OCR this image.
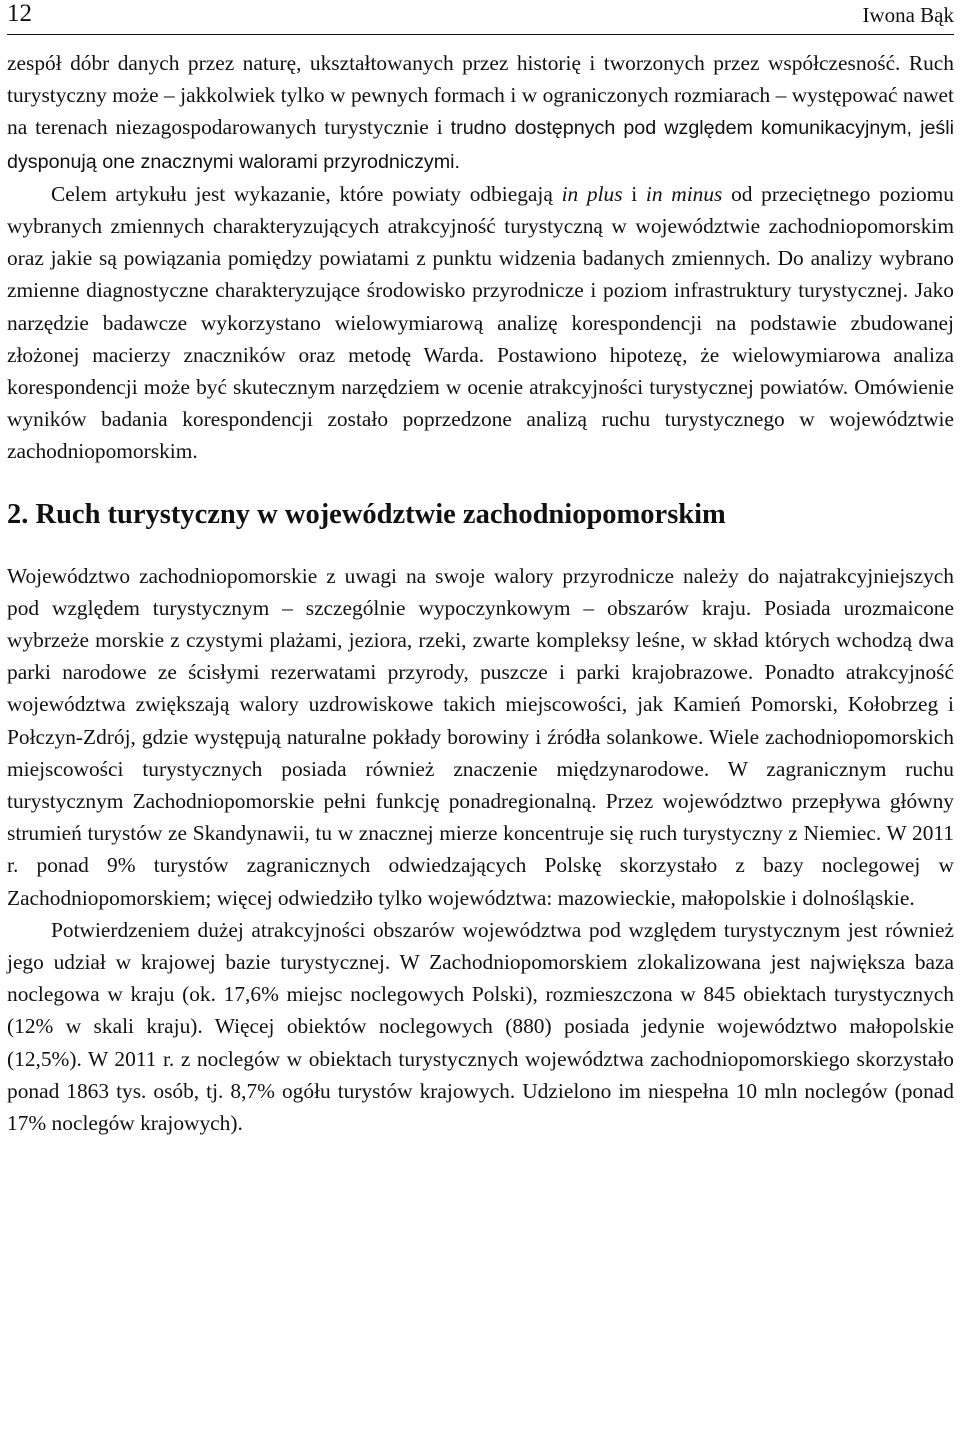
12	Iwona Bąk

zespół dóbr danych przez naturę, ukształtowanych przez historię i tworzonych przez współczesność. Ruch turystyczny może – jakkolwiek tylko w pewnych formach i w ograniczonych rozmiarach – występować nawet na terenach niezagospodarowanych turystycznie i trudno dostępnych pod względem komunikacyjnym, jeśli dysponują one znacznymi walorami przyrodniczymi.

Celem artykułu jest wykazanie, które powiaty odbiegają in plus i in minus od przeciętnego poziomu wybranych zmiennych charakteryzujących atrakcyjność turystyczną w województwie zachodniopomorskim oraz jakie są powiązania pomiędzy powiatami z punktu widzenia badanych zmiennych. Do analizy wybrano zmienne diagnostyczne charakteryzujące środowisko przyrodnicze i poziom infrastruktury turystycznej. Jako narzędzie badawcze wykorzystano wielowymiarową analizę korespondencji na podstawie zbudowanej złożonej macierzy znaczników oraz metodę Warda. Postawiono hipotezę, że wielowymiarowa analiza korespondencji może być skutecznym narzędziem w ocenie atrakcyjności turystycznej powiatów. Omówienie wyników badania korespondencji zostało poprzedzone analizą ruchu turystycznego w województwie zachodniopomorskim.

2. Ruch turystyczny w województwie zachodniopomorskim

Województwo zachodniopomorskie z uwagi na swoje walory przyrodnicze należy do najatrakcyjniejszych pod względem turystycznym – szczególnie wypoczynkowym – obszarów kraju. Posiada urozmaicone wybrzeże morskie z czystymi plażami, jeziora, rzeki, zwarte kompleksy leśne, w skład których wchodzą dwa parki narodowe ze ścisłymi rezerwatami przyrody, puszcze i parki krajobrazowe. Ponadto atrakcyjność województwa zwiększają walory uzdrowiskowe takich miejscowości, jak Kamień Pomorski, Kołobrzeg i Połczyn-Zdrój, gdzie występują naturalne pokłady borowiny i źródła solankowe. Wiele zachodniopomorskich miejscowości turystycznych posiada również znaczenie międzynarodowe. W zagranicznym ruchu turystycznym Zachodniopomorskie pełni funkcję ponadregionalną. Przez województwo przepływa główny strumień turystów ze Skandynawii, tu w znacznej mierze koncentruje się ruch turystyczny z Niemiec. W 2011 r. ponad 9% turystów zagranicznych odwiedzających Polskę skorzystało z bazy noclegowej w Zachodniopomorskiem; więcej odwiedziło tylko województwa: mazowieckie, małopolskie i dolnośląskie.

Potwierdzeniem dużej atrakcyjności obszarów województwa pod względem turystycznym jest również jego udział w krajowej bazie turystycznej. W Zachodniopomorskiem zlokalizowana jest największa baza noclegowa w kraju (ok. 17,6% miejsc noclegowych Polski), rozmieszczona w 845 obiektach turystycznych (12% w skali kraju). Więcej obiektów noclegowych (880) posiada jedynie województwo małopolskie (12,5%). W 2011 r. z noclegów w obiektach turystycznych województwa zachodniopomorskiego skorzystało ponad 1863 tys. osób, tj. 8,7% ogółu turystów krajowych. Udzielono im niespełna 10 mln noclegów (ponad 17% noclegów krajowych).
